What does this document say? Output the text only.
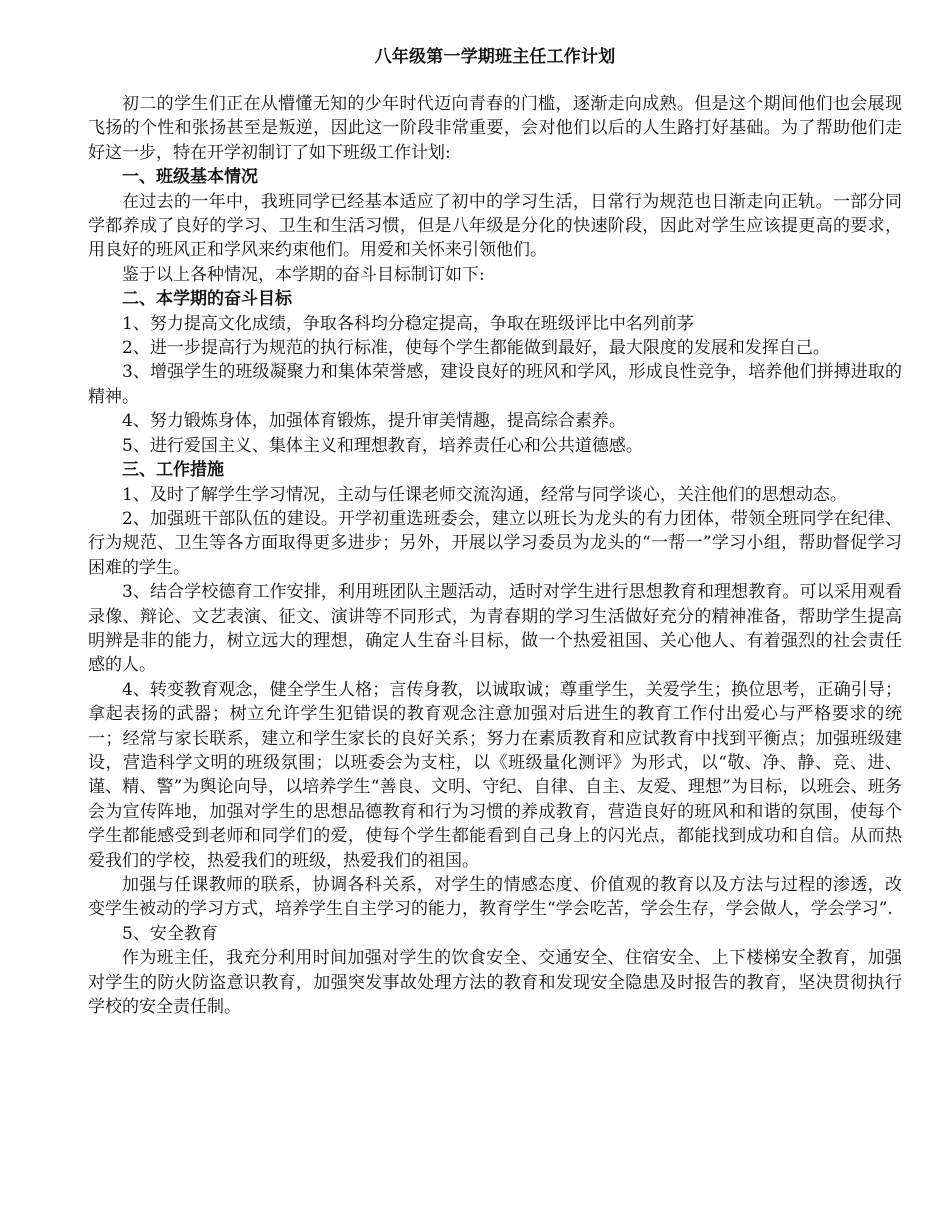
八年级第一学期班主任工作计划

初二的学生们正在从懵懂无知的少年时代迈向青春的门槛，逐渐走向成熟。但是这个期间他们也会展现飞扬的个性和张扬甚至是叛逆，因此这一阶段非常重要，会对他们以后的人生路打好基础。为了帮助他们走好这一步，特在开学初制订了如下班级工作计划:

一、班级基本情况

在过去的一年中，我班同学已经基本适应了初中的学习生活，日常行为规范也日渐走向正轨。一部分同学都养成了良好的学习、卫生和生活习惯，但是八年级是分化的快速阶段，因此对学生应该提更高的要求，用良好的班风正和学风来约束他们。用爱和关怀来引领他们。

鉴于以上各种情况，本学期的奋斗目标制订如下:

二、本学期的奋斗目标

1、努力提高文化成绩，争取各科均分稳定提高，争取在班级评比中名列前茅

2、进一步提高行为规范的执行标准，使每个学生都能做到最好，最大限度的发展和发挥自己。

3、增强学生的班级凝聚力和集体荣誉感，建设良好的班风和学风，形成良性竞争，培养他们拼搏进取的精神。

4、努力锻炼身体，加强体育锻炼，提升审美情趣，提高综合素养。

5、进行爱国主义、集体主义和理想教育，培养责任心和公共道德感。

三、工作措施

1、及时了解学生学习情况，主动与任课老师交流沟通，经常与同学谈心，关注他们的思想动态。

2、加强班干部队伍的建设。开学初重选班委会，建立以班长为龙头的有力团体，带领全班同学在纪律、行为规范、卫生等各方面取得更多进步；另外，开展以学习委员为龙头的“一帮一”学习小组，帮助督促学习困难的学生。

3、结合学校德育工作安排，利用班团队主题活动，适时对学生进行思想教育和理想教育。可以采用观看录像、辩论、文艺表演、征文、演讲等不同形式，为青春期的学习生活做好充分的精神准备，帮助学生提高明辨是非的能力，树立远大的理想，确定人生奋斗目标，做一个热爱祖国、关心他人、有着强烈的社会责任感的人。

4、转变教育观念，健全学生人格；言传身教，以诚取诚；尊重学生，关爱学生；换位思考，正确引导；拿起表扬的武器；树立允许学生犯错误的教育观念注意加强对后进生的教育工作付出爱心与严格要求的统一；经常与家长联系，建立和学生家长的良好关系；努力在素质教育和应试教育中找到平衡点；加强班级建设，营造科学文明的班级氛围；以班委会为支柱，以《班级量化测评》为形式，以“敬、净、静、竞、进、谨、精、警”为舆论向导，以培养学生“善良、文明、守纪、自律、自主、友爱、理想”为目标，以班会、班务会为宣传阵地，加强对学生的思想品德教育和行为习惯的养成教育，营造良好的班风和和谐的氛围，使每个学生都能感受到老师和同学们的爱，使每个学生都能看到自己身上的闪光点，都能找到成功和自信。从而热爱我们的学校，热爱我们的班级，热爱我们的祖国。

加强与任课教师的联系，协调各科关系，对学生的情感态度、价值观的教育以及方法与过程的渗透，改变学生被动的学习方式，培养学生自主学习的能力，教育学生“学会吃苦，学会生存，学会做人，学会学习”.

5、安全教育

作为班主任，我充分利用时间加强对学生的饮食安全、交通安全、住宿安全、上下楼梯安全教育，加强对学生的防火防盗意识教育，加强突发事故处理方法的教育和发现安全隐患及时报告的教育，坚决贯彻执行学校的安全责任制。
